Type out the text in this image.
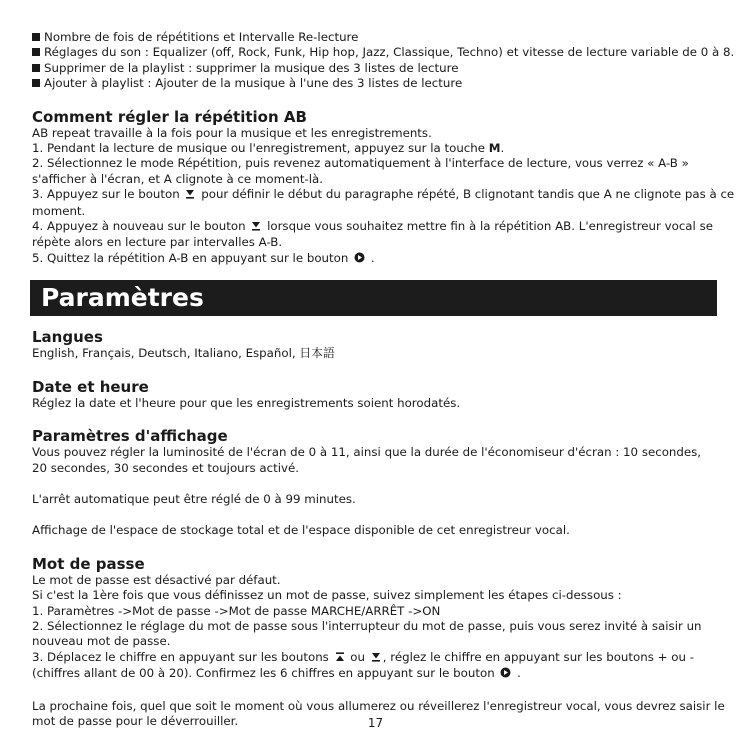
Nombre de fois de répétitions et Intervalle Re-lecture
Réglages du son : Equalizer (off, Rock, Funk, Hip hop, Jazz, Classique, Techno) et vitesse de lecture variable de 0 à 8.
Supprimer de la playlist : supprimer la musique des 3 listes de lecture
Ajouter à playlist : Ajouter de la musique à l'une des 3 listes de lecture
Comment régler la répétition AB
AB repeat travaille à la fois pour la musique et les enregistrements.
1. Pendant la lecture de musique ou l'enregistrement, appuyez sur la touche M.
2. Sélectionnez le mode Répétition, puis revenez automatiquement à l'interface de lecture, vous verrez « A-B »
s'afficher à l'écran, et A clignote à ce moment-là.
3. Appuyez sur le bouton  pour définir le début du paragraphe répété, B clignotant tandis que A ne clignote pas à ce
moment.
4. Appuyez à nouveau sur le bouton  lorsque vous souhaitez mettre fin à la répétition AB. L'enregistreur vocal se
répète alors en lecture par intervalles A-B.
5. Quittez la répétition A-B en appuyant sur le bouton  .
Paramètres
Langues
English, Français, Deutsch, Italiano, Español, 日本語
Date et heure
Réglez la date et l'heure pour que les enregistrements soient horodatés.
Paramètres d'affichage
Vous pouvez régler la luminosité de l'écran de 0 à 11, ainsi que la durée de l'économiseur d'écran : 10 secondes,
20 secondes, 30 secondes et toujours activé.
L'arrêt automatique peut être réglé de 0 à 99 minutes.
Affichage de l'espace de stockage total et de l'espace disponible de cet enregistreur vocal.
Mot de passe
Le mot de passe est désactivé par défaut.
Si c'est la 1ère fois que vous définissez un mot de passe, suivez simplement les étapes ci-dessous :
1. Paramètres ->Mot de passe ->Mot de passe MARCHE/ARRÊT ->ON
2. Sélectionnez le réglage du mot de passe sous l'interrupteur du mot de passe, puis vous serez invité à saisir un
nouveau mot de passe.
3. Déplacez le chiffre en appuyant sur les boutons  ou , réglez le chiffre en appuyant sur les boutons + ou -
(chiffres allant de 00 à 20). Confirmez les 6 chiffres en appuyant sur le bouton  .
La prochaine fois, quel que soit le moment où vous allumerez ou réveillerez l'enregistreur vocal, vous devrez saisir le
mot de passe pour le déverrouiller.	17
